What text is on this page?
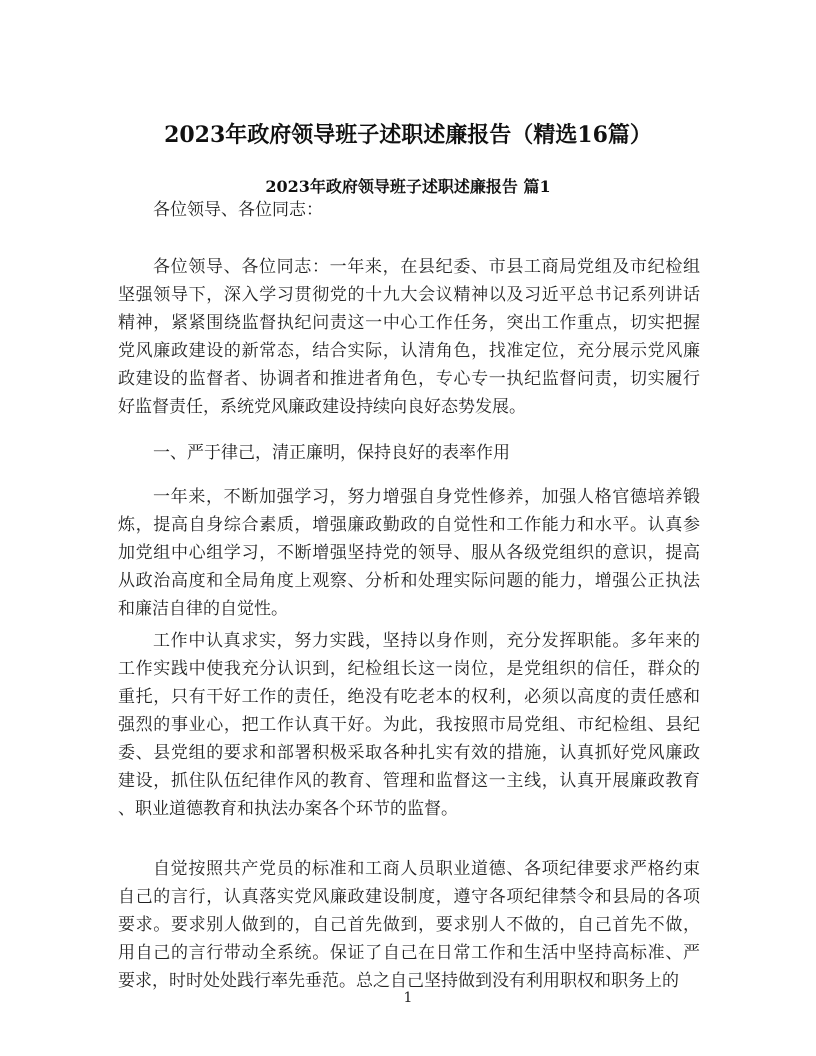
2023年政府领导班子述职述廉报告（精选16篇）
2023年政府领导班子述职述廉报告 篇1
各位领导、各位同志：
各位领导、各位同志：一年来，在县纪委、市县工商局党组及市纪检组
坚强领导下，深入学习贯彻党的十九大会议精神以及习近平总书记系列讲话
精神，紧紧围绕监督执纪问责这一中心工作任务，突出工作重点，切实把握
党风廉政建设的新常态，结合实际，认清角色，找准定位，充分展示党风廉
政建设的监督者、协调者和推进者角色，专心专一执纪监督问责，切实履行
好监督责任，系统党风廉政建设持续向良好态势发展。
一、严于律己，清正廉明，保持良好的表率作用
一年来，不断加强学习，努力增强自身党性修养，加强人格官德培养锻
炼，提高自身综合素质，增强廉政勤政的自觉性和工作能力和水平。认真参
加党组中心组学习，不断增强坚持党的领导、服从各级党组织的意识，提高
从政治高度和全局角度上观察、分析和处理实际问题的能力，增强公正执法
和廉洁自律的自觉性。
工作中认真求实，努力实践，坚持以身作则，充分发挥职能。多年来的
工作实践中使我充分认识到，纪检组长这一岗位，是党组织的信任，群众的
重托，只有干好工作的责任，绝没有吃老本的权利，必须以高度的责任感和
强烈的事业心，把工作认真干好。为此，我按照市局党组、市纪检组、县纪
委、县党组的要求和部署积极采取各种扎实有效的措施，认真抓好党风廉政
建设，抓住队伍纪律作风的教育、管理和监督这一主线，认真开展廉政教育
、职业道德教育和执法办案各个环节的监督。
自觉按照共产党员的标准和工商人员职业道德、各项纪律要求严格约束
自己的言行，认真落实党风廉政建设制度，遵守各项纪律禁令和县局的各项
要求。要求别人做到的，自己首先做到，要求别人不做的，自己首先不做，
用自己的言行带动全系统。保证了自己在日常工作和生活中坚持高标准、严
要求，时时处处践行率先垂范。总之自己坚持做到没有利用职权和职务上的
1
